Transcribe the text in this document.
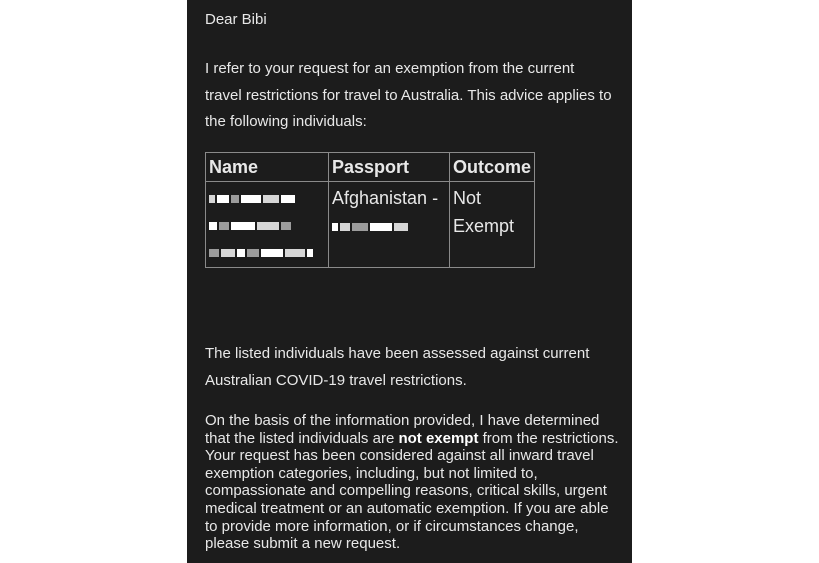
Dear Bibi
I refer to your request for an exemption from the current travel restrictions for travel to Australia. This advice applies to the following individuals:
Name	Passport	Outcome

	Afghanistan -	Not Exempt
The listed individuals have been assessed against current Australian COVID-19 travel restrictions.
On the basis of the information provided, I have determined that the listed individuals are not exempt from the restrictions. Your request has been considered against all inward travel exemption categories, including, but not limited to, compassionate and compelling reasons, critical skills, urgent medical treatment or an automatic exemption. If you are able to provide more information, or if circumstances change, please submit a new request.
